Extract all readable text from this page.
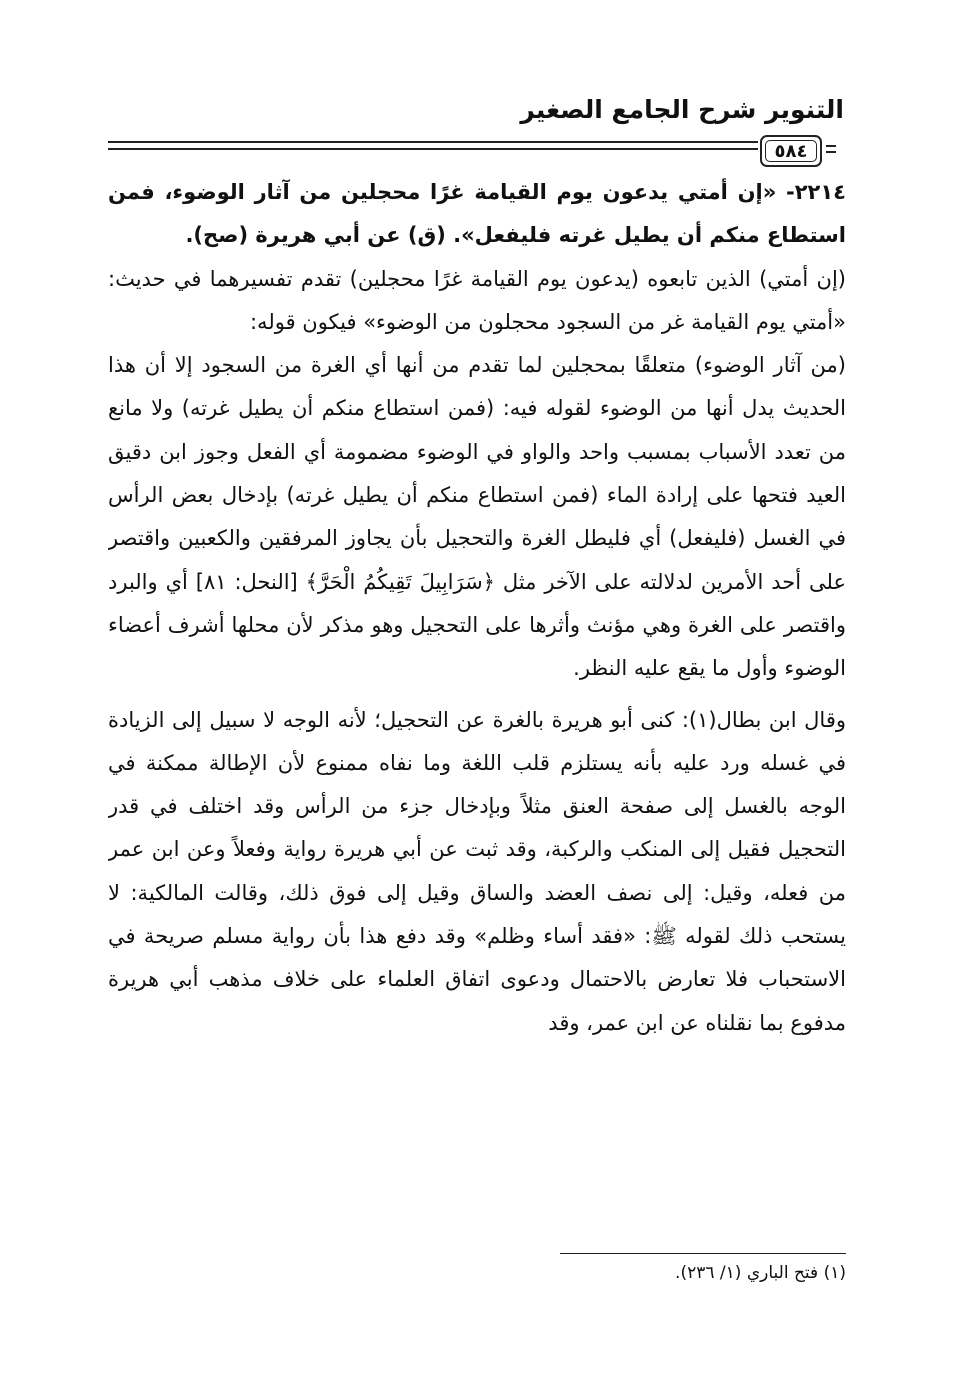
التنوير شرح الجامع الصغير
٥٨٤

٢٢١٤- «إن أمتي يدعون يوم القيامة غرًا محجلين من آثار الوضوء، فمن استطاع منكم أن يطيل غرته فليفعل». (ق) عن أبي هريرة (صح).

(إن أمتي) الذين تابعوه (يدعون يوم القيامة غرًا محجلين) تقدم تفسيرهما في حديث: «أمتي يوم القيامة غر من السجود محجلون من الوضوء» فيكون قوله:

(من آثار الوضوء) متعلقًا بمحجلين لما تقدم من أنها أي الغرة من السجود إلا أن هذا الحديث يدل أنها من الوضوء لقوله فيه: (فمن استطاع منكم أن يطيل غرته) ولا مانع من تعدد الأسباب بمسبب واحد والواو في الوضوء مضمومة أي الفعل وجوز ابن دقيق العيد فتحها على إرادة الماء (فمن استطاع منكم أن يطيل غرته) بإدخال بعض الرأس في الغسل (فليفعل) أي فليطل الغرة والتحجيل بأن يجاوز المرفقين والكعبين واقتصر على أحد الأمرين لدلالته على الآخر مثل ﴿سَرَابِيلَ تَقِيكُمُ الْحَرَّ﴾ [النحل: ٨١] أي والبرد واقتصر على الغرة وهي مؤنث وأثرها على التحجيل وهو مذكر لأن محلها أشرف أعضاء الوضوء وأول ما يقع عليه النظر.

وقال ابن بطال(١): كنى أبو هريرة بالغرة عن التحجيل؛ لأنه الوجه لا سبيل إلى الزيادة في غسله ورد عليه بأنه يستلزم قلب اللغة وما نفاه ممنوع لأن الإطالة ممكنة في الوجه بالغسل إلى صفحة العنق مثلاً وبإدخال جزء من الرأس وقد اختلف في قدر التحجيل فقيل إلى المنكب والركبة، وقد ثبت عن أبي هريرة رواية وفعلاً وعن ابن عمر من فعله، وقيل: إلى نصف العضد والساق وقيل إلى فوق ذلك، وقالت المالكية: لا يستحب ذلك لقوله ﷺ: «فقد أساء وظلم» وقد دفع هذا بأن رواية مسلم صريحة في الاستحباب فلا تعارض بالاحتمال ودعوى اتفاق العلماء على خلاف مذهب أبي هريرة مدفوع بما نقلناه عن ابن عمر، وقد

(١) فتح الباري (١/ ٢٣٦).
